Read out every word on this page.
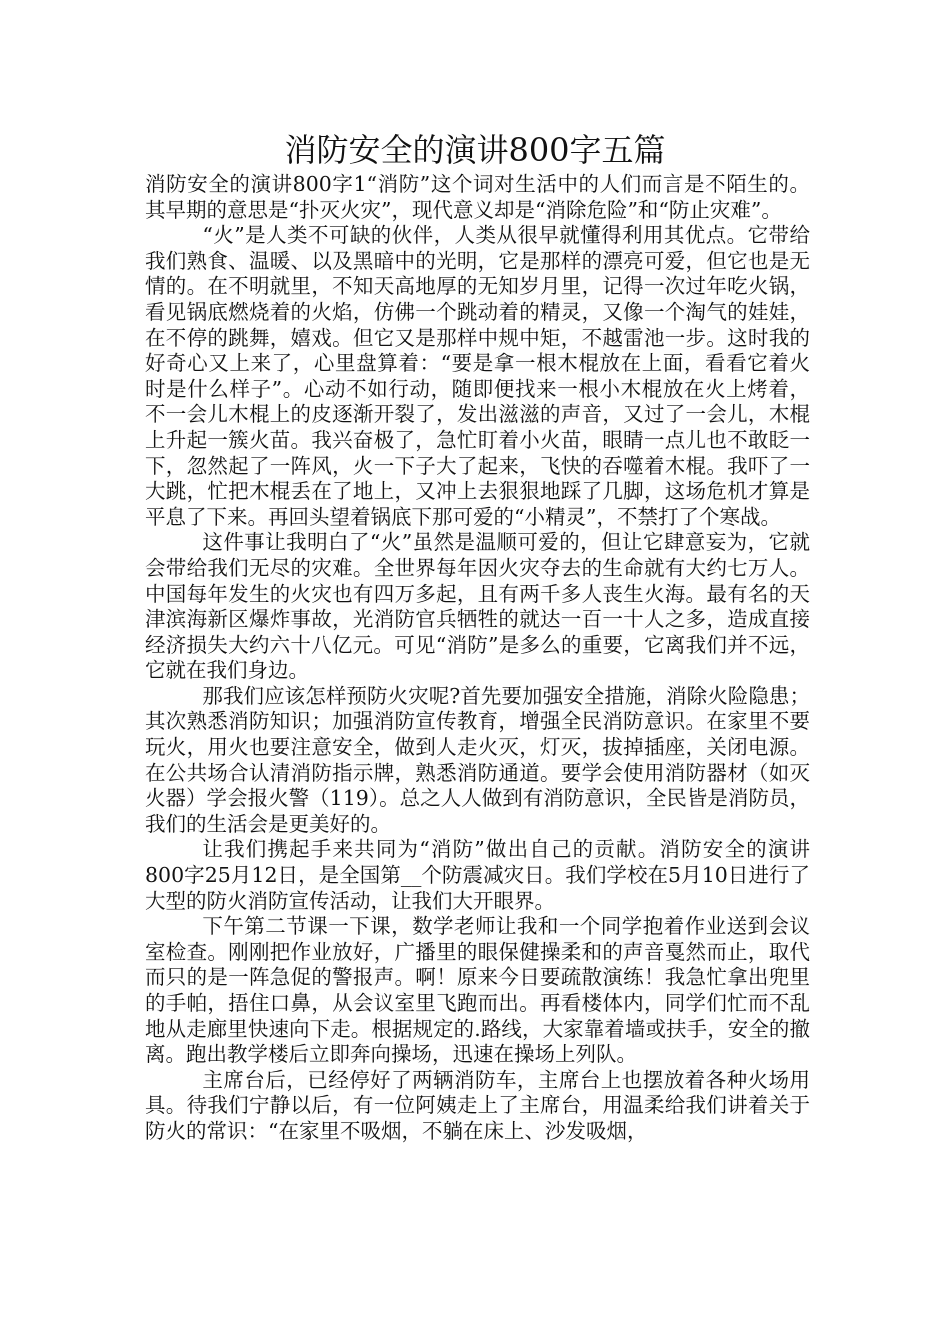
消防安全的演讲800字五篇

消防安全的演讲800字1“消防”这个词对生活中的人们而言是不陌生的。其早期的意思是“扑灭火灾”，现代意义却是“消除危险”和“防止灾难”。

“火”是人类不可缺的伙伴，人类从很早就懂得利用其优点。它带给我们熟食、温暖、以及黑暗中的光明，它是那样的漂亮可爱，但它也是无情的。在不明就里，不知天高地厚的无知岁月里，记得一次过年吃火锅，看见锅底燃烧着的火焰，仿佛一个跳动着的精灵，又像一个淘气的娃娃，在不停的跳舞，嬉戏。但它又是那样中规中矩，不越雷池一步。这时我的好奇心又上来了，心里盘算着：“要是拿一根木棍放在上面，看看它着火时是什么样子”。心动不如行动，随即便找来一根小木棍放在火上烤着，不一会儿木棍上的皮逐渐开裂了，发出滋滋的声音，又过了一会儿，木棍上升起一簇火苗。我兴奋极了，急忙盯着小火苗，眼睛一点儿也不敢眨一下，忽然起了一阵风，火一下子大了起来，飞快的吞噬着木棍。我吓了一大跳，忙把木棍丢在了地上，又冲上去狠狠地踩了几脚，这场危机才算是平息了下来。再回头望着锅底下那可爱的“小精灵”，不禁打了个寒战。

这件事让我明白了“火”虽然是温顺可爱的，但让它肆意妄为，它就会带给我们无尽的灾难。全世界每年因火灾夺去的生命就有大约七万人。中国每年发生的火灾也有四万多起，且有两千多人丧生火海。最有名的天津滨海新区爆炸事故，光消防官兵牺牲的就达一百一十人之多，造成直接经济损失大约六十八亿元。可见“消防”是多么的重要，它离我们并不远，它就在我们身边。

那我们应该怎样预防火灾呢?首先要加强安全措施，消除火险隐患；其次熟悉消防知识；加强消防宣传教育，增强全民消防意识。在家里不要玩火，用火也要注意安全，做到人走火灭，灯灭，拔掉插座，关闭电源。在公共场合认清消防指示牌，熟悉消防通道。要学会使用消防器材（如灭火器）学会报火警（119）。总之人人做到有消防意识，全民皆是消防员，我们的生活会是更美好的。

让我们携起手来共同为“消防”做出自己的贡献。消防安全的演讲800字25月12日，是全国第__个防震减灾日。我们学校在5月10日进行了大型的防火消防宣传活动，让我们大开眼界。

下午第二节课一下课，数学老师让我和一个同学抱着作业送到会议室检查。刚刚把作业放好，广播里的眼保健操柔和的声音戛然而止，取代而只的是一阵急促的警报声。啊！原来今日要疏散演练！我急忙拿出兜里的手帕，捂住口鼻，从会议室里飞跑而出。再看楼体内，同学们忙而不乱地从走廊里快速向下走。根据规定的.路线，大家靠着墙或扶手，安全的撤离。跑出教学楼后立即奔向操场，迅速在操场上列队。

主席台后，已经停好了两辆消防车，主席台上也摆放着各种火场用具。待我们宁静以后，有一位阿姨走上了主席台，用温柔给我们讲着关于防火的常识：“在家里不吸烟，不躺在床上、沙发吸烟，
